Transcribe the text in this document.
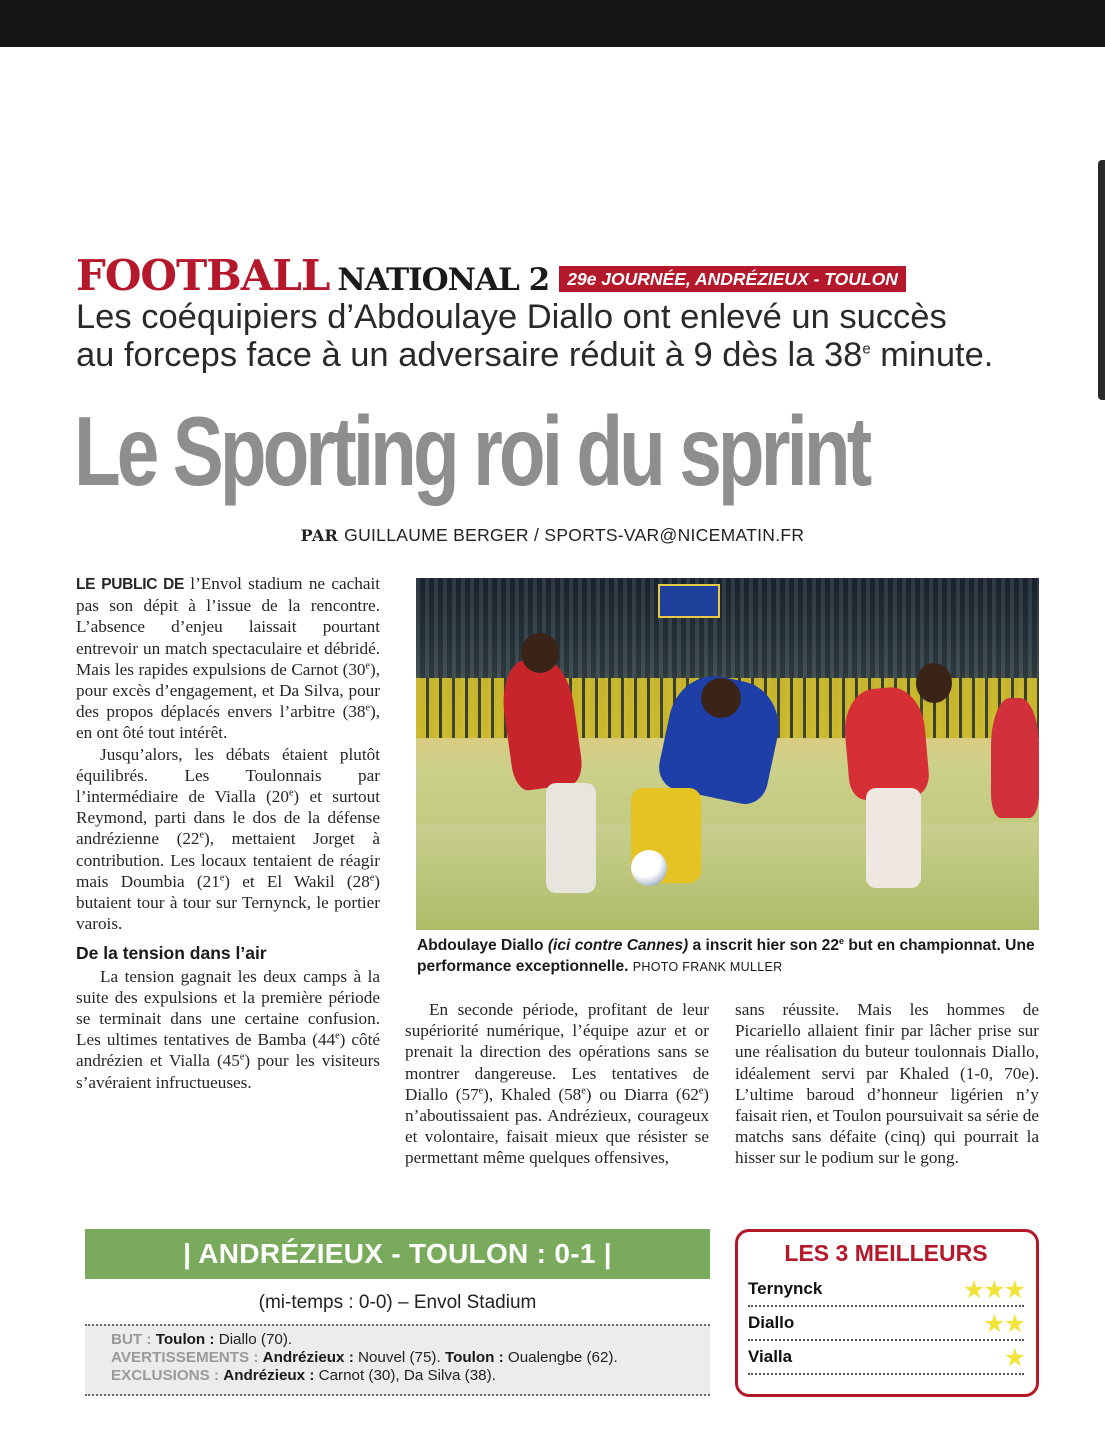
FOOTBALL NATIONAL 2	29e JOURNÉE, ANDRÉZIEUX - TOULON
Les coéquipiers d’Abdoulaye Diallo ont enlevé un succès
au forceps face à un adversaire réduit à 9 dès la 38e minute.
Le Sporting roi du sprint
PAR GUILLAUME BERGER / SPORTS-VAR@NICEMATIN.FR

LE PUBLIC DE l’Envol stadium ne cachait pas son dépit à l’issue de la rencontre. L’absence d’enjeu laissait pourtant entrevoir un match spectaculaire et débridé. Mais les rapides expulsions de Carnot (30e), pour excès d’engagement, et Da Silva, pour des propos déplacés envers l’arbitre (38e), en ont ôté tout intérêt.

Jusqu’alors, les débats étaient plutôt équilibrés. Les Toulonnais par l’intermédiaire de Vialla (20e) et surtout Reymond, parti dans le dos de la défense andrézienne (22e), mettaient Jorget à contribution. Les locaux tentaient de réagir mais Doumbia (21e) et El Wakil (28e) butaient tour à tour sur Ternynck, le portier varois.

De la tension dans l’air

La tension gagnait les deux camps à la suite des expulsions et la première période se terminait dans une certaine confusion. Les ultimes tentatives de Bamba (44e) côté andrézien et Vialla (45e) pour les visiteurs s’avéraient infructueuses.

Abdoulaye Diallo (ici contre Cannes) a inscrit hier son 22e but en championnat. Une performance exceptionnelle. PHOTO FRANK MULLER

En seconde période, profitant de leur supériorité numérique, l’équipe azur et or prenait la direction des opérations sans se montrer dangereuse. Les tentatives de Diallo (57e), Khaled (58e) ou Diarra (62e) n’aboutissaient pas. Andrézieux, courageux et volontaire, faisait mieux que résister se permettant même quelques offensives,

sans réussite. Mais les hommes de Picariello allaient finir par lâcher prise sur une réalisation du buteur toulonnais Diallo, idéalement servi par Khaled (1-0, 70e). L’ultime baroud d’honneur ligérien n’y faisait rien, et Toulon poursuivait sa série de matchs sans défaite (cinq) qui pourrait la hisser sur le podium sur le gong.

| ANDRÉZIEUX - TOULON : 0-1 |
(mi-temps : 0-0) – Envol Stadium
BUT : Toulon : Diallo (70).
AVERTISSEMENTS : Andrézieux : Nouvel (75). Toulon : Oualengbe (62). EXCLUSIONS : Andrézieux : Carnot (30), Da Silva (38).
LES 3 MEILLEURS
Ternynck	★★★
Diallo	★★
Vialla	★
